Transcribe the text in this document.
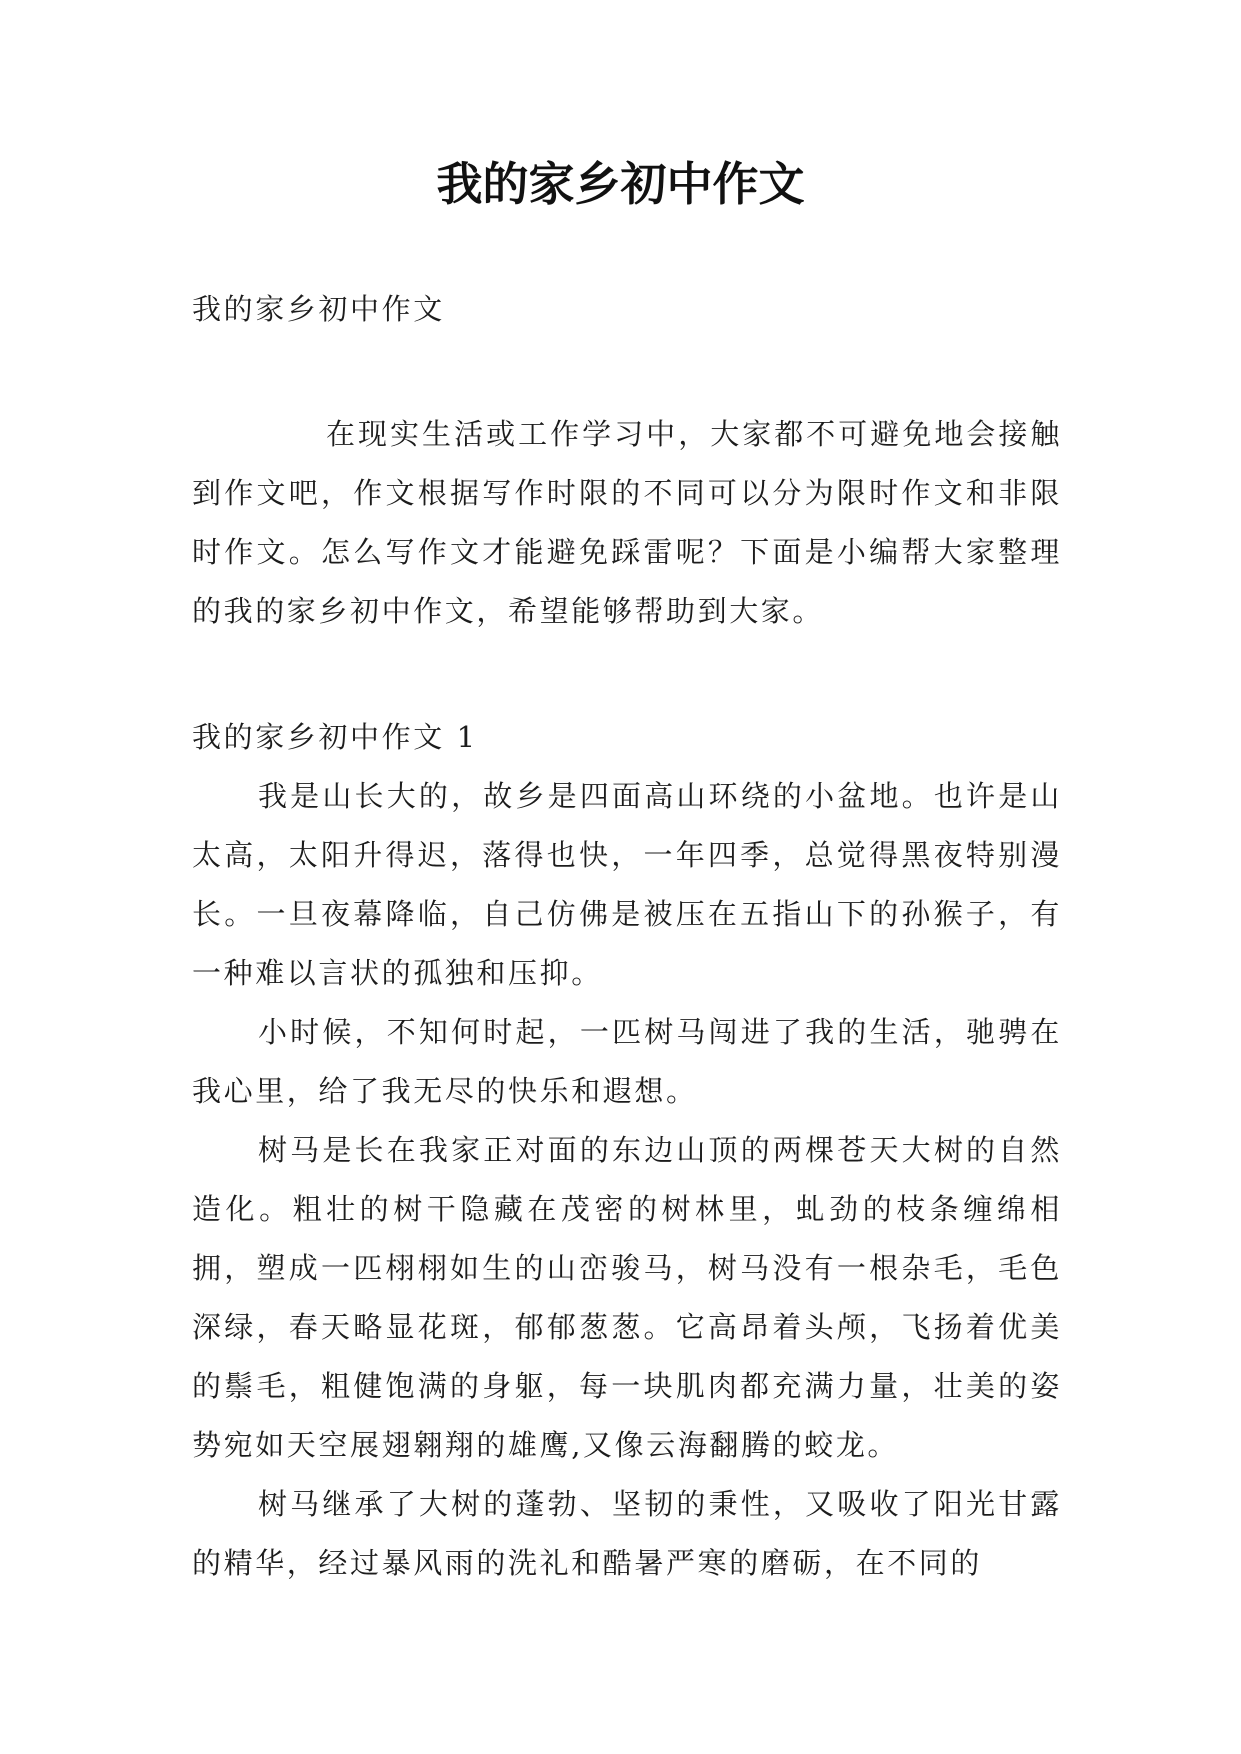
我的家乡初中作文

我的家乡初中作文

在现实生活或工作学习中，大家都不可避免地会接触到作文吧，作文根据写作时限的不同可以分为限时作文和非限时作文。怎么写作文才能避免踩雷呢？下面是小编帮大家整理的我的家乡初中作文，希望能够帮助到大家。

我的家乡初中作文 1

我是山长大的，故乡是四面高山环绕的小盆地。也许是山太高，太阳升得迟，落得也快，一年四季，总觉得黑夜特别漫长。一旦夜幕降临，自己仿佛是被压在五指山下的孙猴子，有一种难以言状的孤独和压抑。

小时候，不知何时起，一匹树马闯进了我的生活，驰骋在我心里，给了我无尽的快乐和遐想。

树马是长在我家正对面的东边山顶的两棵苍天大树的自然造化。粗壮的树干隐藏在茂密的树林里，虬劲的枝条缠绵相拥，塑成一匹栩栩如生的山峦骏马，树马没有一根杂毛，毛色深绿，春天略显花斑，郁郁葱葱。它高昂着头颅，飞扬着优美的鬃毛，粗健饱满的身躯，每一块肌肉都充满力量，壮美的姿势宛如天空展翅翱翔的雄鹰,又像云海翻腾的蛟龙。

树马继承了大树的蓬勃、坚韧的秉性，又吸收了阳光甘露的精华，经过暴风雨的洗礼和酷暑严寒的磨砺，在不同的
